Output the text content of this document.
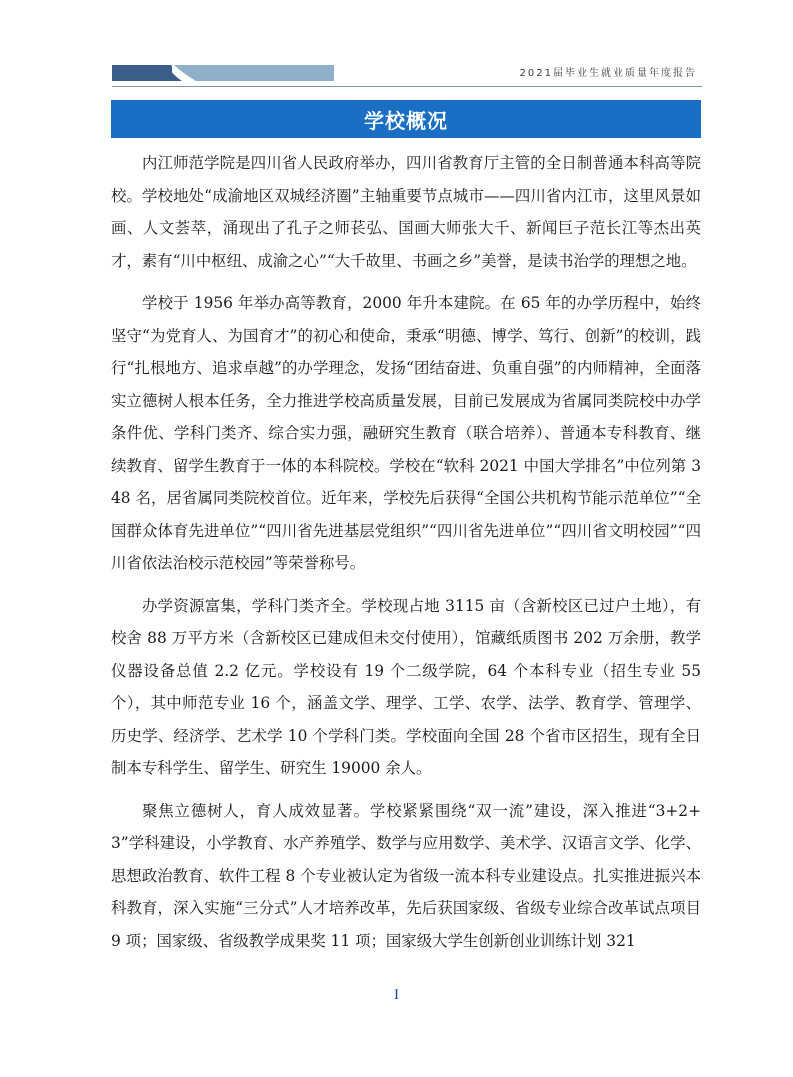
2021届毕业生就业质量年度报告
学校概况

内江师范学院是四川省人民政府举办，四川省教育厅主管的全日制普通本科高等院校。学校地处“成渝地区双城经济圈”主轴重要节点城市——四川省内江市，这里风景如画、人文荟萃，涌现出了孔子之师苌弘、国画大师张大千、新闻巨子范长江等杰出英才，素有“川中枢纽、成渝之心”“大千故里、书画之乡”美誉，是读书治学的理想之地。

学校于 1956 年举办高等教育，2000 年升本建院。在 65 年的办学历程中，始终坚守“为党育人、为国育才”的初心和使命，秉承“明德、博学、笃行、创新”的校训，践行“扎根地方、追求卓越”的办学理念，发扬“团结奋进、负重自强”的内师精神，全面落实立德树人根本任务，全力推进学校高质量发展，目前已发展成为省属同类院校中办学条件优、学科门类齐、综合实力强，融研究生教育（联合培养）、普通本专科教育、继续教育、留学生教育于一体的本科院校。学校在“软科 2021 中国大学排名”中位列第 348 名，居省属同类院校首位。近年来，学校先后获得“全国公共机构节能示范单位”“全国群众体育先进单位”“四川省先进基层党组织”“四川省先进单位”“四川省文明校园”“四川省依法治校示范校园”等荣誉称号。

办学资源富集，学科门类齐全。学校现占地 3115 亩（含新校区已过户土地），有校舍 88 万平方米（含新校区已建成但未交付使用），馆藏纸质图书 202 万余册，教学仪器设备总值 2.2 亿元。学校设有 19 个二级学院，64 个本科专业（招生专业 55 个），其中师范专业 16 个，涵盖文学、理学、工学、农学、法学、教育学、管理学、历史学、经济学、艺术学 10 个学科门类。学校面向全国 28 个省市区招生，现有全日制本专科学生、留学生、研究生 19000 余人。

聚焦立德树人，育人成效显著。学校紧紧围绕“双一流”建设，深入推进“3+2+3”学科建设，小学教育、水产养殖学、数学与应用数学、美术学、汉语言文学、化学、思想政治教育、软件工程 8 个专业被认定为省级一流本科专业建设点。扎实推进振兴本科教育，深入实施“三分式”人才培养改革，先后获国家级、省级专业综合改革试点项目 9 项；国家级、省级教学成果奖 11 项；国家级大学生创新创业训练计划 321

I
